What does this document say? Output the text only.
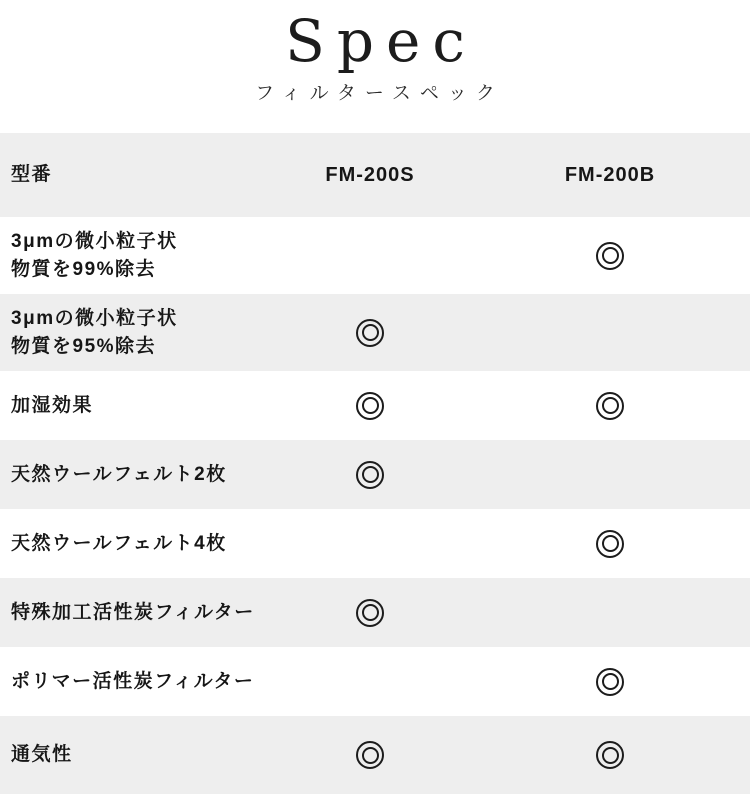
Spec
フィルタースペック
型番	FM-200S	FM-200B
3μmの微小粒子状
物質を99%除去
3μmの微小粒子状
物質を95%除去
加湿効果
天然ウールフェルト2枚
天然ウールフェルト4枚
特殊加工活性炭フィルター
ポリマー活性炭フィルター
通気性
